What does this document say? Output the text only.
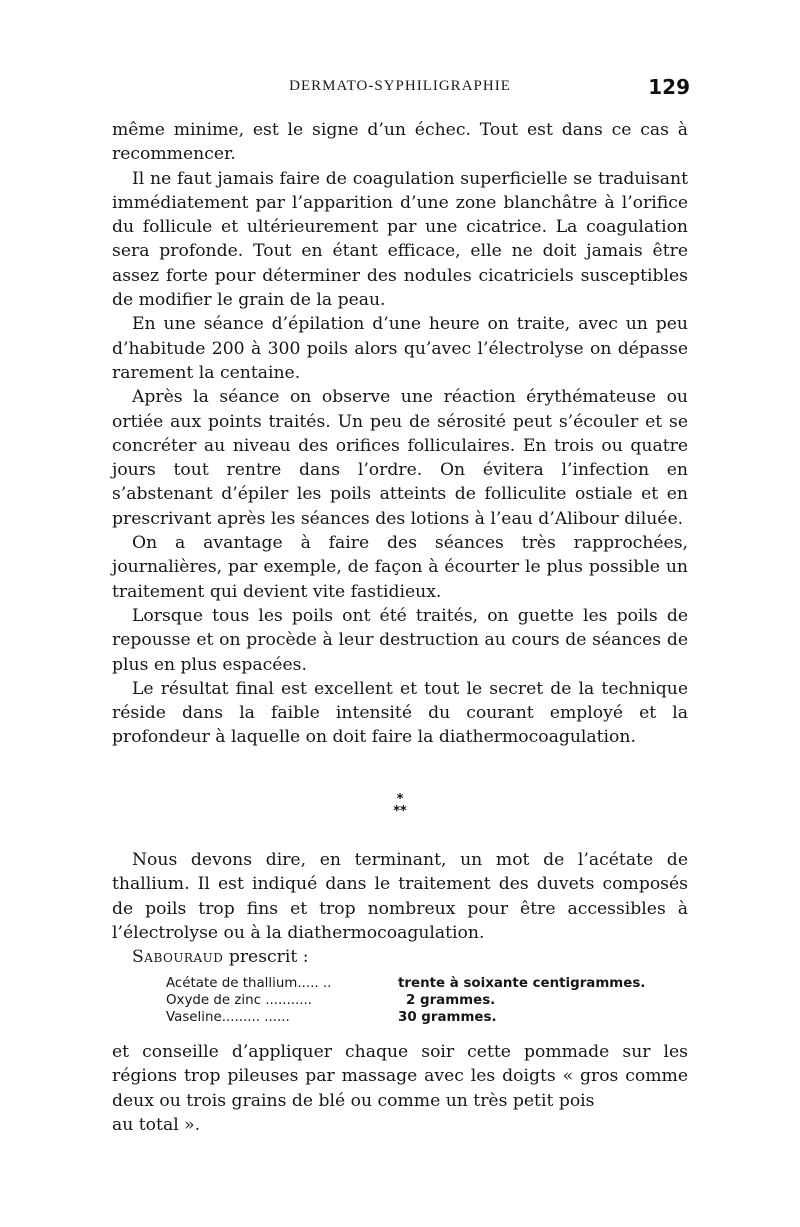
DERMATO-SYPHILIGRAPHIE	129

même minime, est le signe d’un échec. Tout est dans ce cas à recommencer.

Il ne faut jamais faire de coagulation superficielle se traduisant immédiatement par l’apparition d’une zone blanchâtre à l’orifice du follicule et ultérieurement par une cicatrice. La coagulation sera profonde. Tout en étant efficace, elle ne doit jamais être assez forte pour déterminer des nodules cicatriciels susceptibles de modifier le grain de la peau.

En une séance d’épilation d’une heure on traite, avec un peu d’habitude 200 à 300 poils alors qu’avec l’électrolyse on dépasse rarement la centaine.

Après la séance on observe une réaction érythémateuse ou ortiée aux points traités. Un peu de sérosité peut s’écouler et se concréter au niveau des orifices folliculaires. En trois ou quatre jours tout rentre dans l’ordre. On évitera l’infection en s’abstenant d’épiler les poils atteints de folliculite ostiale et en prescrivant après les séances des lotions à l’eau d’Alibour diluée.

On a avantage à faire des séances très rapprochées, journalières, par exemple, de façon à écourter le plus possible un traitement qui devient vite fastidieux.

Lorsque tous les poils ont été traités, on guette les poils de repousse et on procède à leur destruction au cours de séances de plus en plus espacées.

Le résultat final est excellent et tout le secret de la technique réside dans la faible intensité du courant employé et la profondeur à laquelle on doit faire la diathermocoagulation.

*
**

Nous devons dire, en terminant, un mot de l’acétate de thallium. Il est indiqué dans le traitement des duvets composés de poils trop fins et trop nombreux pour être accessibles à l’électrolyse ou à la diathermocoagulation.

Sabouraud prescrit :

Acétate de thallium..... ..	trente à soixante centigrammes.
Oxyde de zinc ...........	2 grammes.
Vaseline......... ......	30 grammes.

et conseille d’appliquer chaque soir cette pommade sur les régions trop pileuses par massage avec les doigts « gros comme deux ou trois grains de blé ou comme un très petit pois

au total ».
